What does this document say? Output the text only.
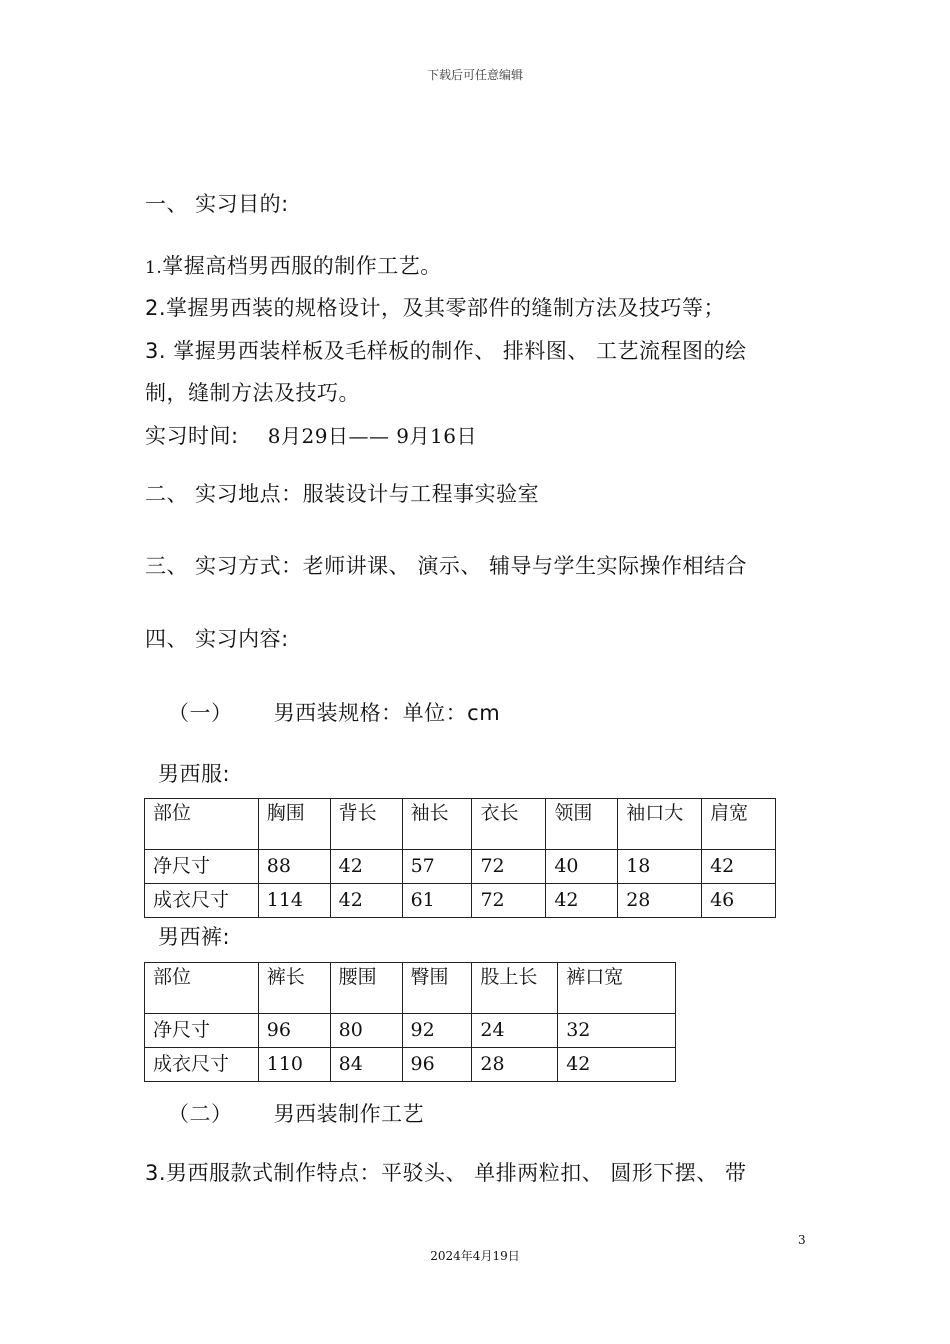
下载后可任意编辑
一、 实习目的:
1.掌握高档男西服的制作工艺。
2.掌握男西装的规格设计，及其零部件的缝制方法及技巧等；
3. 掌握男西装样板及毛样板的制作、 排料图、 工艺流程图的绘
制，缝制方法及技巧。
实习时间: 8月29日—— 9月16日
二、 实习地点：服装设计与工程事实验室
三、 实习方式：老师讲课、 演示、 辅导与学生实际操作相结合
四、 实习内容:
（一） 男西装规格：单位：cm
男西服:
部位	胸围	背长	袖长	衣长	领围	袖口大	肩宽
净尺寸	88	42	57	72	40	18	42
成衣尺寸	114	42	61	72	42	28	46
男西裤:
部位	裤长	腰围	臀围	股上长	裤口宽
净尺寸	96	80	92	24	32
成衣尺寸	110	84	96	28	42
（二） 男西装制作工艺
3.男西服款式制作特点：平驳头、 单排两粒扣、 圆形下摆、 带
3
2024年4月19日
